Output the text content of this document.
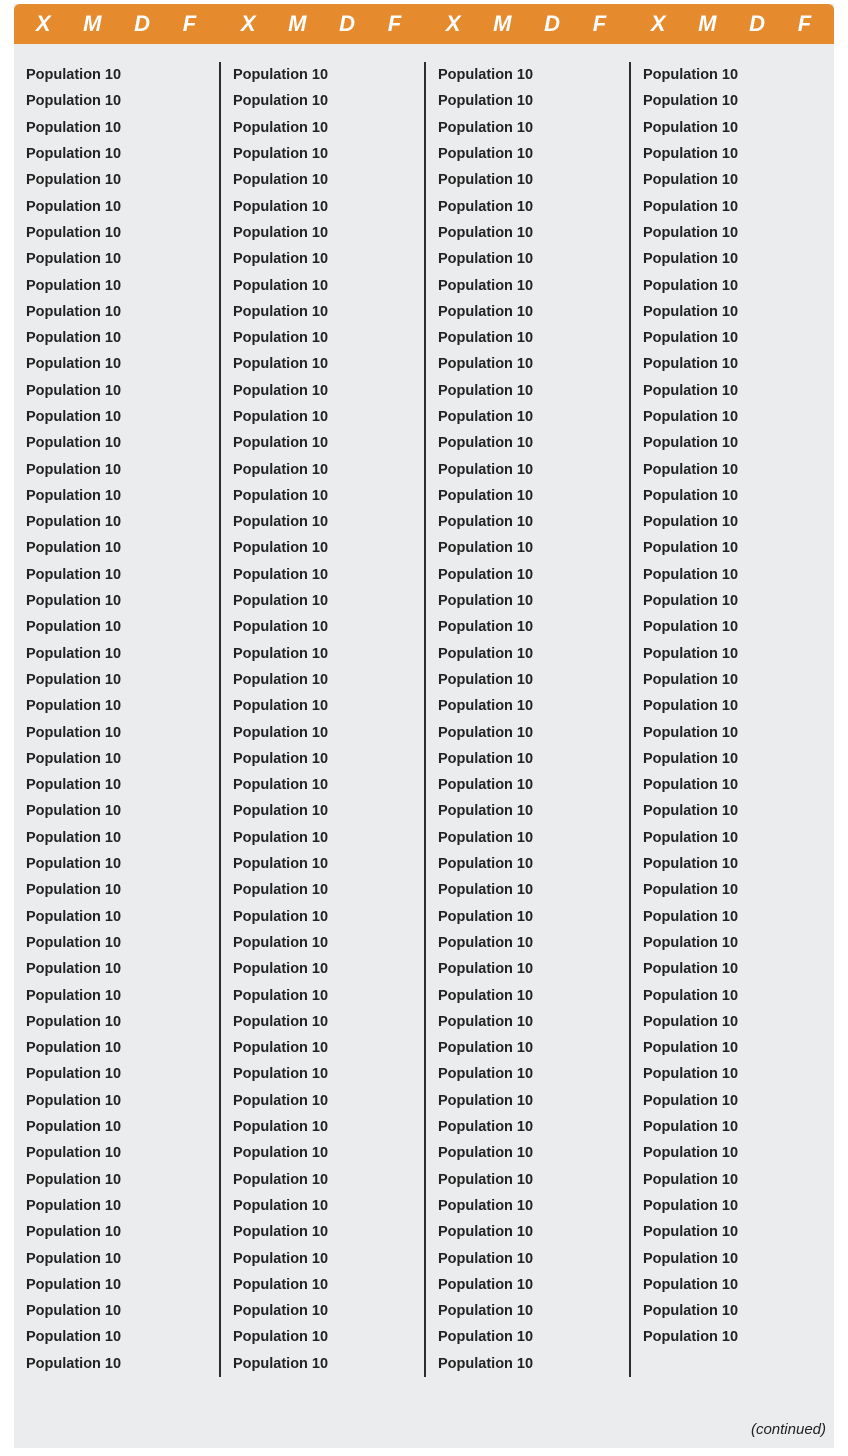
X M D F X M D F X M D F X M D F
Population 10
Population 10
Population 10
Population 10
Population 10
Population 10
Population 10
Population 10
Population 10
Population 10
Population 10
Population 10
Population 10
Population 10
Population 10
Population 10
Population 10
Population 10
Population 10
Population 10
Population 10
Population 10
Population 10
Population 10
Population 10
Population 10
Population 10
Population 10
Population 10
Population 10
Population 10
Population 10
Population 10
Population 10
Population 10
Population 10
Population 10
Population 10
Population 10
Population 10
Population 10
Population 10
Population 10
Population 10
Population 10
Population 10
Population 10
Population 10
Population 10
Population 10
Population 10
Population 10
Population 10
Population 10
Population 10
Population 10
Population 10
Population 10
Population 10
Population 10
Population 10
Population 10
Population 10
Population 10
Population 10
Population 10
Population 10
Population 10
Population 10
Population 10
Population 10
Population 10
Population 10
Population 10
Population 10
Population 10
Population 10
Population 10
Population 10
Population 10
Population 10
Population 10
Population 10
Population 10
Population 10
Population 10
Population 10
Population 10
Population 10
Population 10
Population 10
Population 10
Population 10
Population 10
Population 10
Population 10
Population 10
Population 10
Population 10
Population 10
Population 10
Population 10
Population 10
Population 10
Population 10
Population 10
Population 10
Population 10
Population 10
Population 10
Population 10
Population 10
Population 10
Population 10
Population 10
Population 10
Population 10
Population 10
Population 10
Population 10
Population 10
Population 10
Population 10
Population 10
Population 10
Population 10
Population 10
Population 10
Population 10
Population 10
Population 10
Population 10
Population 10
Population 10
Population 10
Population 10
Population 10
Population 10
Population 10
Population 10
Population 10
Population 10
Population 10
Population 10
Population 10
Population 10
Population 10
Population 10
Population 10
Population 10
Population 10
Population 10
Population 10
Population 10
Population 10
Population 10
Population 10
Population 10
Population 10
Population 10
Population 10
Population 10
Population 10
Population 10
Population 10
Population 10
Population 10
Population 10
Population 10
Population 10
Population 10
Population 10
Population 10
Population 10
Population 10
Population 10
Population 10
Population 10
Population 10
Population 10
Population 10
Population 10
Population 10
Population 10
Population 10
Population 10
Population 10
Population 10
Population 10
Population 10
Population 10
Population 10
Population 10
Population 10
Population 10
Population 10
Population 10
Population 10
Population 10
(continued)
